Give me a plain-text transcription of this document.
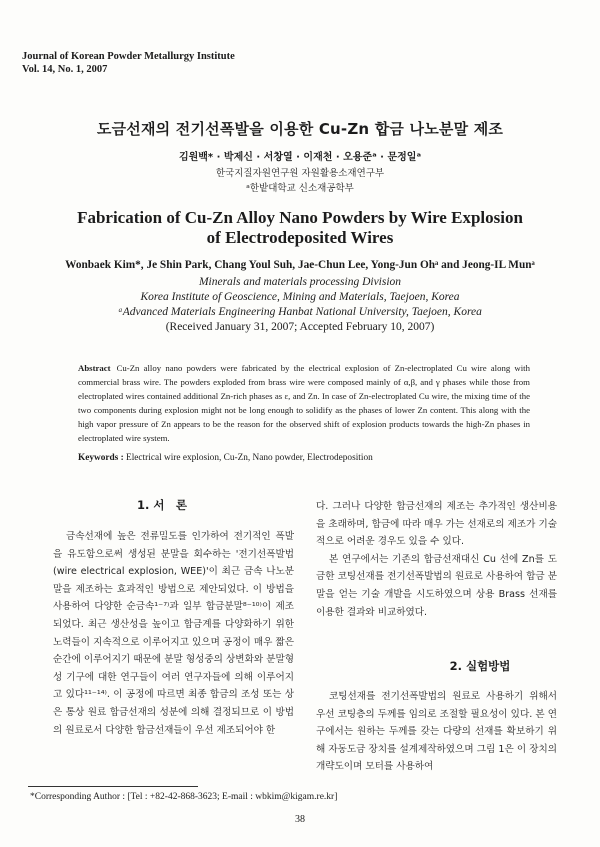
Journal of Korean Powder Metallurgy Institute
Vol. 14, No. 1, 2007
도금선재의 전기선폭발을 이용한 Cu-Zn 합금 나노분말 제조
김원백* · 박제신 · 서창열 · 이재천 · 오용준ᵃ · 문정일ᵃ
한국지질자원연구원 자원활용소재연구부
ᵃ한밭대학교 신소재공학부
Fabrication of Cu-Zn Alloy Nano Powders by Wire Explosion
of Electrodeposited Wires
Wonbaek Kim*, Je Shin Park, Chang Youl Suh, Jae-Chun Lee, Yong-Jun Ohᵃ and Jeong-IL Munᵃ
Minerals and materials processing Division
Korea Institute of Geoscience, Mining and Materials, Taejoen, Korea
ᵃAdvanced Materials Engineering Hanbat National University, Taejoen, Korea
(Received January 31, 2007; Accepted February 10, 2007)
Abstract Cu-Zn alloy nano powders were fabricated by the electrical explosion of Zn-electroplated Cu wire along with commercial brass wire. The powders exploded from brass wire were composed mainly of α,β, and γ phases while those from electroplated wires contained additional Zn-rich phases as ε, and Zn. In case of Zn-electroplated Cu wire, the mixing time of the two components during explosion might not be long enough to solidify as the phases of lower Zn content. This along with the high vapor pressure of Zn appears to be the reason for the observed shift of explosion products towards the high-Zn phases in electroplated wire system.
Keywords : Electrical wire explosion, Cu-Zn, Nano powder, Electrodeposition
1. 서　론

금속선재에 높은 전류밀도를 인가하여 전기적인 폭발을 유도함으로써 생성된 분말을 회수하는 '전기선폭발법(wire electrical explosion, WEE)'이 최근 금속 나노분말을 제조하는 효과적인 방법으로 제안되었다. 이 방법을 사용하여 다양한 순금속¹⁻⁷⁾과 일부 합금분말⁸⁻¹⁰⁾이 제조되었다. 최근 생산성을 높이고 합금계를 다양화하기 위한 노력들이 지속적으로 이루어지고 있으며 공정이 매우 짧은 순간에 이루어지기 때문에 분말 형성중의 상변화와 분말형성 기구에 대한 연구들이 여러 연구자들에 의해 이루어지고 있다¹¹⁻¹⁴⁾. 이 공정에 따르면 최종 합금의 조성 또는 상은 통상 원료 합금선재의 성분에 의해 결정되므로 이 방법의 원료로서 다양한 합금선재들이 우선 제조되어야 한

다. 그러나 다양한 합금선재의 제조는 추가적인 생산비용을 초래하며, 합금에 따라 매우 가는 선재로의 제조가 기술적으로 어려운 경우도 있을 수 있다.

본 연구에서는 기존의 합금선재대신 Cu 선에 Zn를 도금한 코팅선재를 전기선폭발법의 원료로 사용하여 합금 분말을 얻는 기술 개발을 시도하였으며 상용 Brass 선재를 이용한 결과와 비교하였다.

2. 실험방법

코팅선재를 전기선폭발법의 원료로 사용하기 위해서 우선 코팅층의 두께를 임의로 조절할 필요성이 있다. 본 연구에서는 원하는 두께를 갖는 다량의 선재를 확보하기 위해 자동도금 장치를 설계제작하였으며 그림 1은 이 장치의 개략도이며 모터를 사용하여

*Corresponding Author : [Tel : +82-42-868-3623; E-mail : wbkim@kigam.re.kr]
38
